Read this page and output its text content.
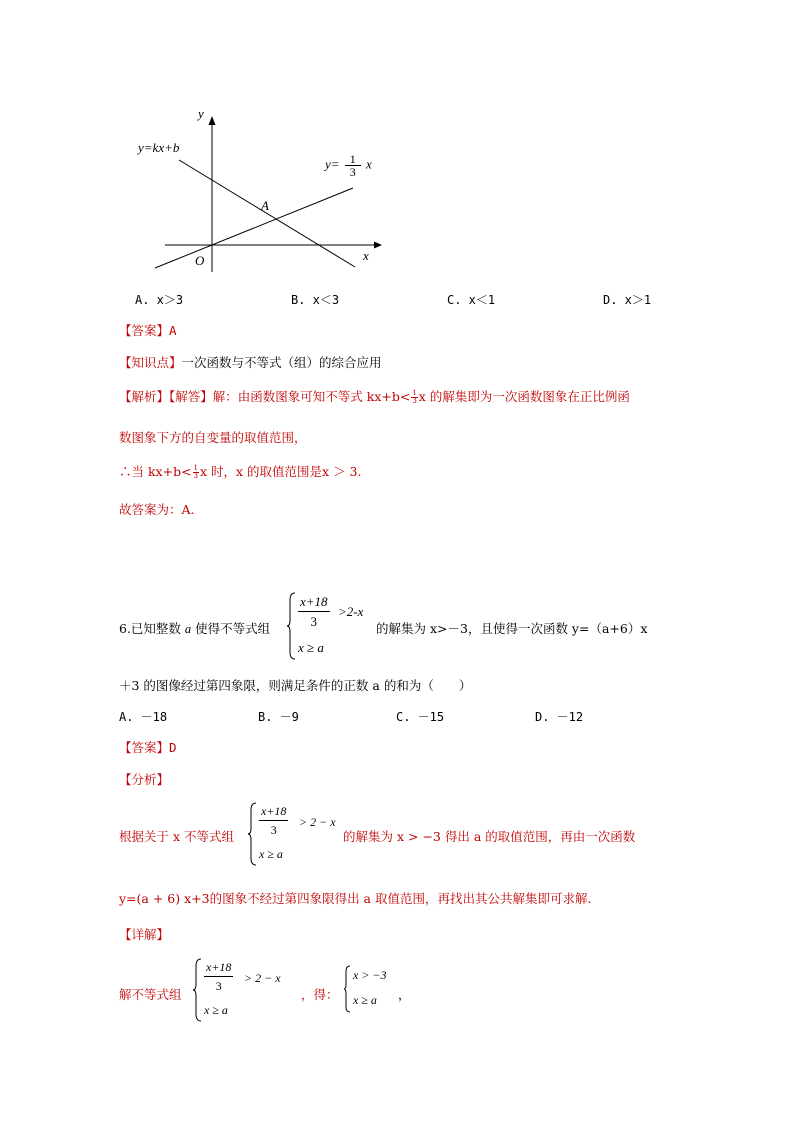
y
x
O
y=kx+b
$y= \frac{1}{3}$ x
A
A. x＞3	B. x＜3	C. x＜1	D. x＞1
【答案】A
【知识点】一次函数与不等式（组）的综合应用
【解析】【解答】解：由函数图象可知不等式 $kx+b< \frac{1}{3}$ x 的解集即为一次函数图象在正比例函
数图象下方的自变量的取值范围，
∴当 $kx+b< \frac{1}{3}$ x 时，x 的取值范围是x ＞ 3.
故答案为：A.
6.已知整数 a 使得不等式组
$\frac{x+18}{3} >2-x$
x ≥ a
的解集为 x>－3，且使得一次函数 y=（a+6）x
＋3 的图像经过第四象限，则满足条件的正数 a 的和为（　　）
A. －18	B. －9	C. －15	D. －12
【答案】D
【分析】
根据关于 x 不等式组
$\frac{x+18}{3} > 2 - x$
x ≥ a
的解集为 x > −3 得出 a 的取值范围，再由一次函数
y=(a + 6) x+3的图象不经过第四象限得出 a 取值范围，再找出其公共解集即可求解.
【详解】
解不等式组
$\frac{x+18}{3} > 2 - x$
x ≥ a
，得：
x > −3
x ≥ a ，
